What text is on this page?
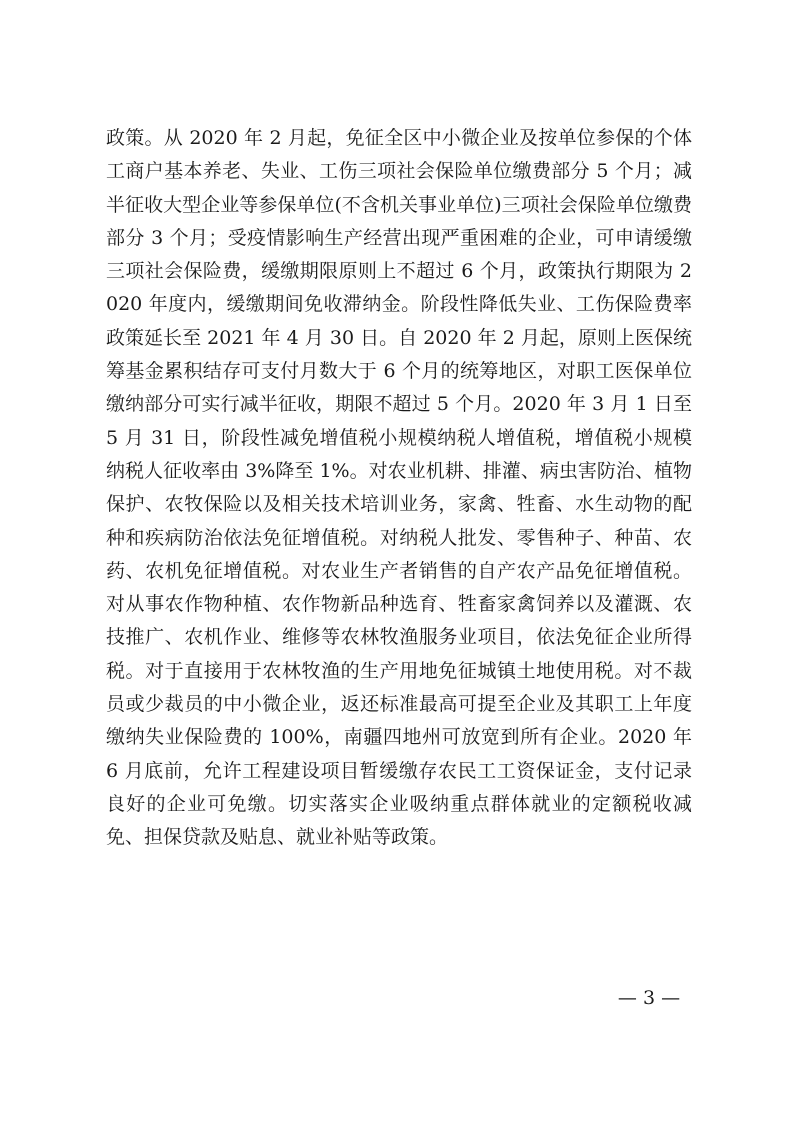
政策。从 2020 年 2 月起，免征全区中小微企业及按单位参保的个体工商户基本养老、失业、工伤三项社会保险单位缴费部分 5 个月；减半征收大型企业等参保单位(不含机关事业单位)三项社会保险单位缴费部分 3 个月；受疫情影响生产经营出现严重困难的企业，可申请缓缴三项社会保险费，缓缴期限原则上不超过 6 个月，政策执行期限为 2020 年度内，缓缴期间免收滞纳金。阶段性降低失业、工伤保险费率政策延长至 2021 年 4 月 30 日。自 2020 年 2 月起，原则上医保统筹基金累积结存可支付月数大于 6 个月的统筹地区，对职工医保单位缴纳部分可实行减半征收，期限不超过 5 个月。2020 年 3 月 1 日至 5 月 31 日，阶段性减免增值税小规模纳税人增值税，增值税小规模纳税人征收率由 3%降至 1%。对农业机耕、排灌、病虫害防治、植物保护、农牧保险以及相关技术培训业务，家禽、牲畜、水生动物的配种和疾病防治依法免征增值税。对纳税人批发、零售种子、种苗、农药、农机免征增值税。对农业生产者销售的自产农产品免征增值税。对从事农作物种植、农作物新品种选育、牲畜家禽饲养以及灌溉、农技推广、农机作业、维修等农林牧渔服务业项目，依法免征企业所得税。对于直接用于农林牧渔的生产用地免征城镇土地使用税。对不裁员或少裁员的中小微企业，返还标准最高可提至企业及其职工上年度缴纳失业保险费的 100%，南疆四地州可放宽到所有企业。2020 年 6 月底前，允许工程建设项目暂缓缴存农民工工资保证金，支付记录良好的企业可免缴。切实落实企业吸纳重点群体就业的定额税收减免、担保贷款及贴息、就业补贴等政策。

— 3 —
